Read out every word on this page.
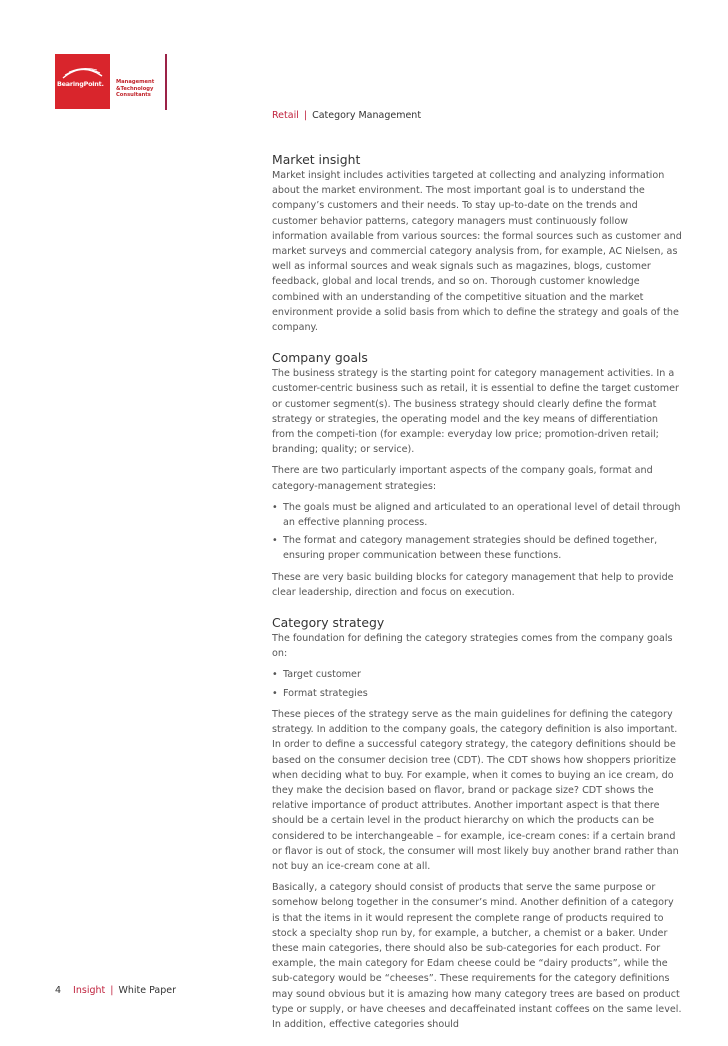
BearingPoint.	Management
&Technology
Consultants
Retail | Category Management
Market insight

Market insight includes activities targeted at collecting and analyzing information about the market environment. The most important goal is to understand the company’s customers and their needs. To stay up-to-date on the trends and customer behavior patterns, category managers must continuously follow information available from various sources: the formal sources such as customer and market surveys and commercial category analysis from, for example, AC Nielsen, as well as informal sources and weak signals such as magazines, blogs, customer feedback, global and local trends, and so on. Thorough customer knowledge combined with an understanding of the competitive situation and the market environment provide a solid basis from which to define the strategy and goals of the company.

Company goals

The business strategy is the starting point for category management activities. In a customer-centric business such as retail, it is essential to define the target customer or customer segment(s). The business strategy should clearly define the format strategy or strategies, the operating model and the key means of differentiation from the competi-tion (for example: everyday low price; promotion-driven retail; branding; quality; or service).

There are two particularly important aspects of the company goals, format and category-management strategies:

• The goals must be aligned and articulated to an operational level of detail through an effective planning process.
• The format and category management strategies should be defined together, ensuring proper communication between these functions.

These are very basic building blocks for category management that help to provide clear leadership, direction and focus on execution.

Category strategy

The foundation for defining the category strategies comes from the company goals on:

• Target customer
• Format strategies

These pieces of the strategy serve as the main guidelines for defining the category strategy. In addition to the company goals, the category definition is also important. In order to define a successful category strategy, the category definitions should be based on the consumer decision tree (CDT). The CDT shows how shoppers prioritize when deciding what to buy. For example, when it comes to buying an ice cream, do they make the decision based on flavor, brand or package size? CDT shows the relative importance of product attributes. Another important aspect is that there should be a certain level in the product hierarchy on which the products can be considered to be interchangeable – for example, ice-cream cones: if a certain brand or flavor is out of stock, the consumer will most likely buy another brand rather than not buy an ice-cream cone at all.

Basically, a category should consist of products that serve the same purpose or somehow belong together in the consumer’s mind. Another definition of a category is that the items in it would represent the complete range of products required to stock a specialty shop run by, for example, a butcher, a chemist or a baker. Under these main categories, there should also be sub-categories for each product. For example, the main category for Edam cheese could be “dairy products”, while the sub-category would be “cheeses”. These requirements for the category definitions may sound obvious but it is amazing how many category trees are based on product type or supply, or have cheeses and decaffeinated instant coffees on the same level. In addition, effective categories should

4 Insight | White Paper
